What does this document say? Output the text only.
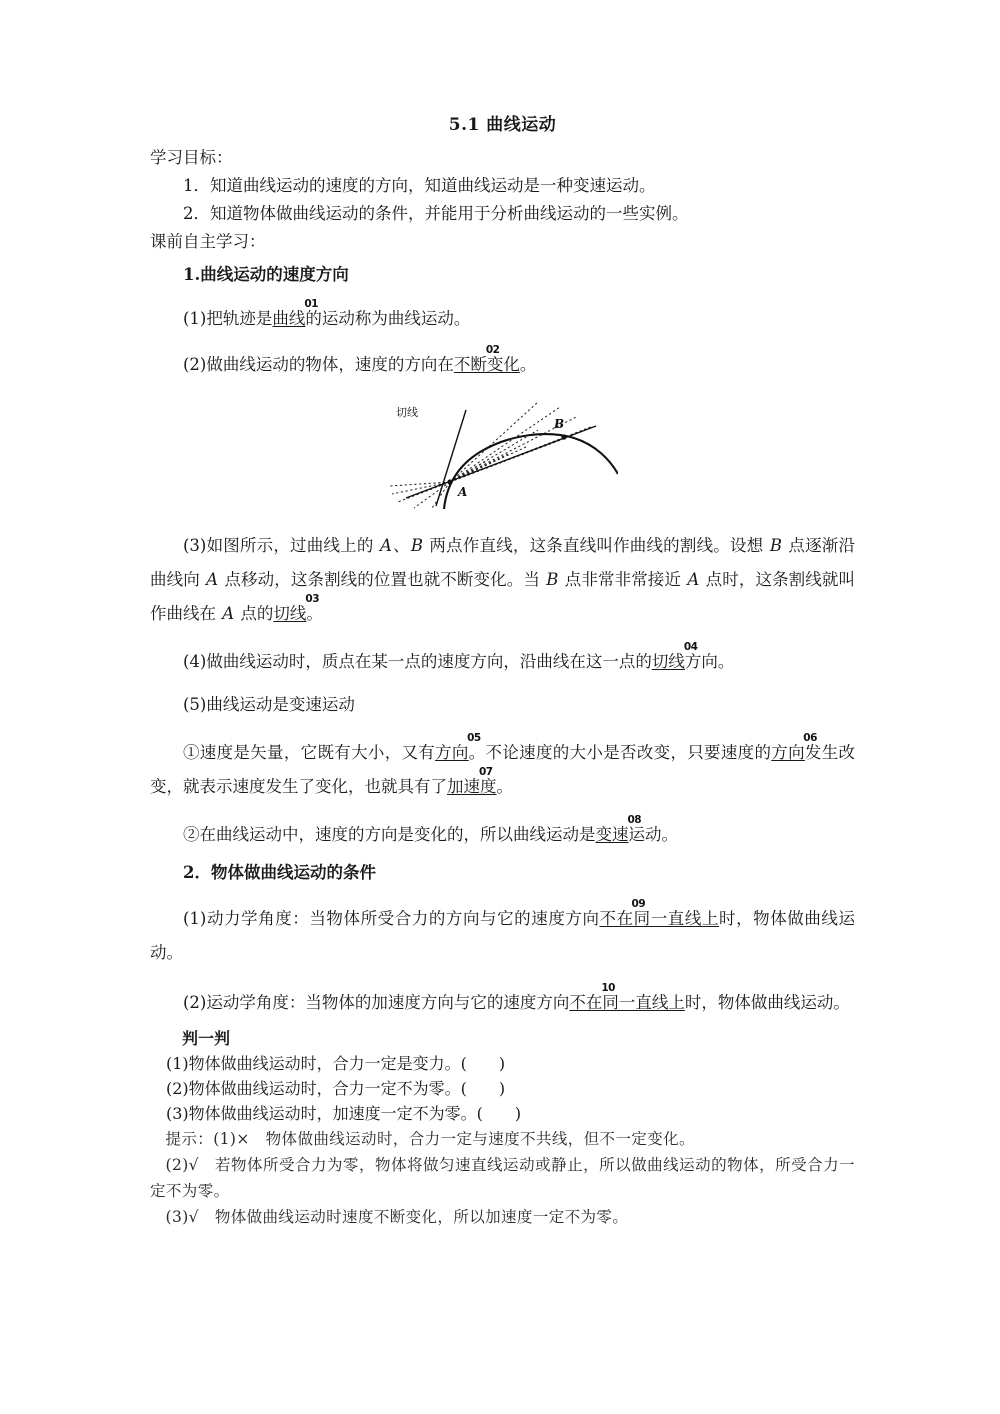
5.1 曲线运动

学习目标：

1．知道曲线运动的速度的方向，知道曲线运动是一种变速运动。

2．知道物体做曲线运动的条件，并能用于分析曲线运动的一些实例。

课前自主学习：

1.曲线运动的速度方向

(1)把轨迹是
01
曲线的运动称为曲线运动。

(2)做曲线运动的物体，速度的方向在
02
不断变化。

切线
A
B

(3)如图所示，过曲线上的 A、B 两点作直线，这条直线叫作曲线的割线。设想 B 点逐渐沿曲线向 A 点移动，这条割线的位置也就不断变化。当 B 点非常非常接近 A 点时，这条割线就叫作曲线在 A 点的
03
切线。

(4)做曲线运动时，质点在某一点的速度方向，沿曲线在这一点的
04
切线方向。

(5)曲线运动是变速运动

①速度是矢量，它既有大小，又有
05
方向。不论速度的大小是否改变，只要速度的
06
方向发生改变，就表示速度发生了变化，也就具有了
07
加速度。

②在曲线运动中，速度的方向是变化的，所以曲线运动是
08
变速运动。

2．物体做曲线运动的条件

(1)动力学角度：当物体所受合力的方向与它的速度方向
09
不在同一直线上时，物体做曲线运动。

(2)运动学角度：当物体的加速度方向与它的速度方向
10
不在同一直线上时，物体做曲线运动。

判一判

(1)物体做曲线运动时，合力一定是变力。(　　)

(2)物体做曲线运动时，合力一定不为零。(　　)

(3)物体做曲线运动时，加速度一定不为零。(　　)

提示：(1)×　物体做曲线运动时，合力一定与速度不共线，但不一定变化。

(2)√　若物体所受合力为零，物体将做匀速直线运动或静止，所以做曲线运动的物体，所受合力一定不为零。

(3)√　物体做曲线运动时速度不断变化，所以加速度一定不为零。
